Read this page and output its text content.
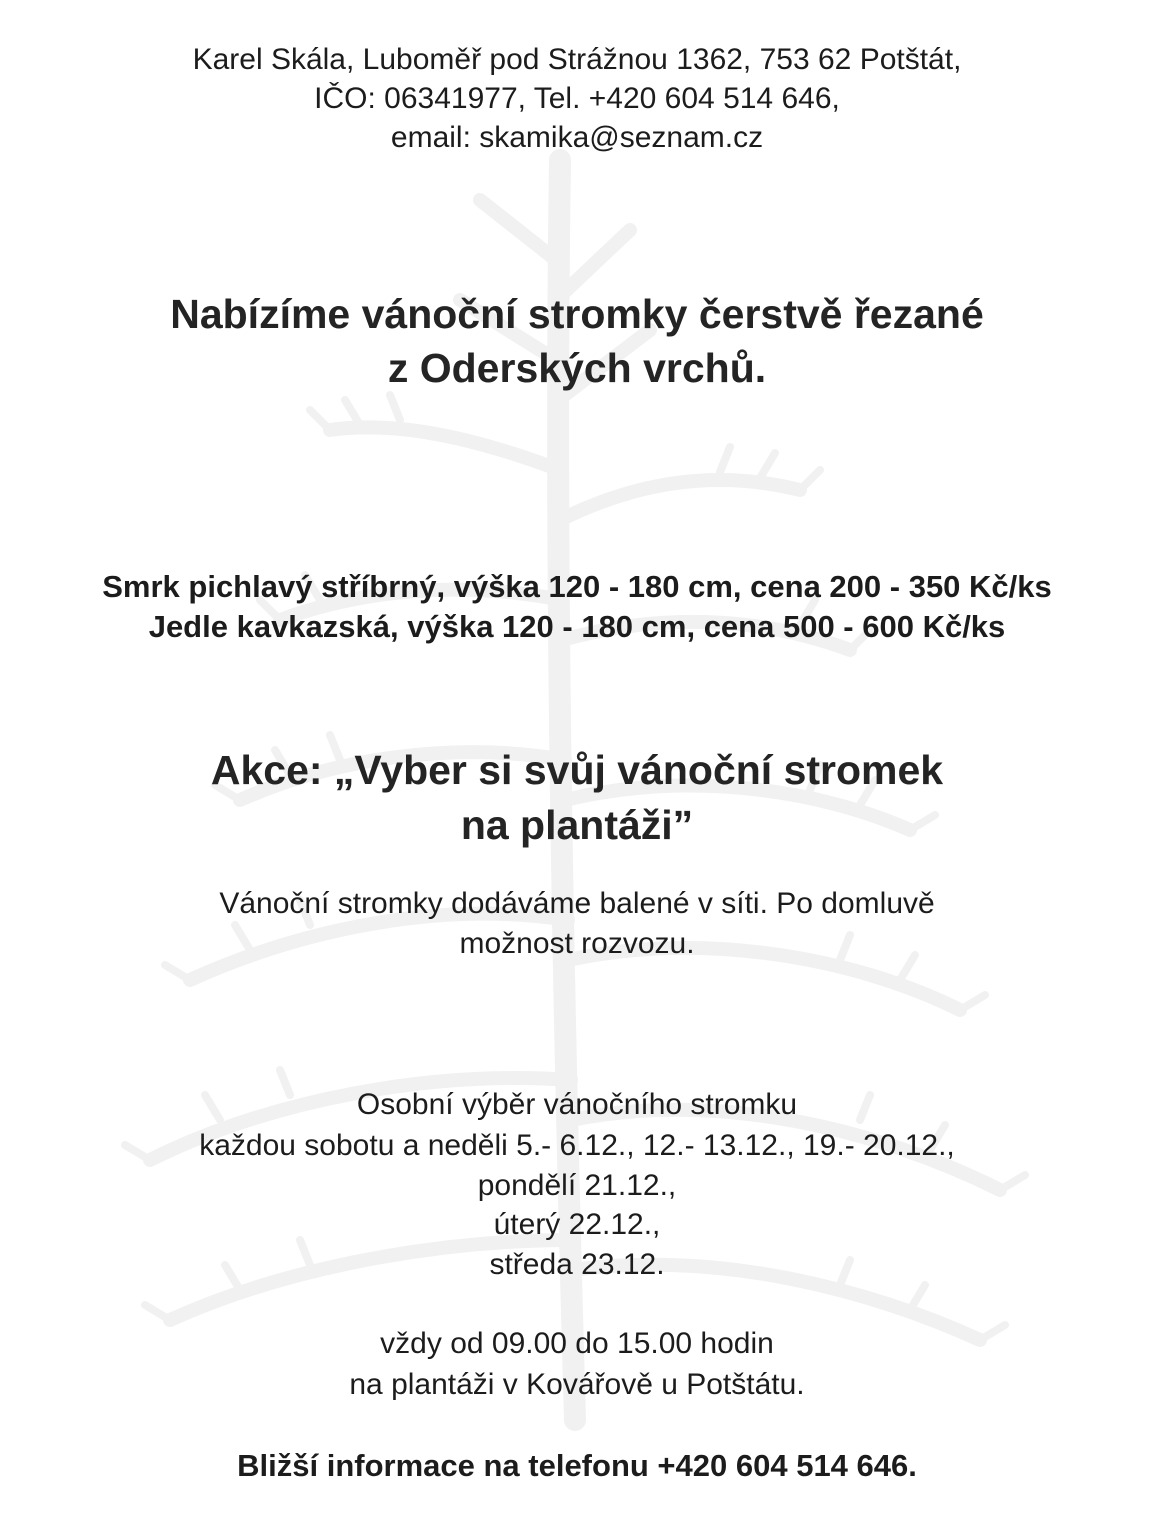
Karel Skála, Luboměř pod Strážnou 1362, 753 62 Potštát,
IČO: 06341977, Tel. +420 604 514 646,
email: skamika@seznam.cz
Nabízíme vánoční stromky čerstvě řezané
z Oderských vrchů.
Smrk pichlavý stříbrný, výška 120 - 180 cm, cena 200 - 350 Kč/ks
Jedle kavkazská, výška 120 - 180 cm, cena 500 - 600 Kč/ks
Akce: „Vyber si svůj vánoční stromek
na plantáži”
Vánoční stromky dodáváme balené v síti. Po domluvě
možnost rozvozu.
Osobní výběr vánočního stromku
každou sobotu a neděli 5.- 6.12., 12.- 13.12., 19.- 20.12.,
pondělí 21.12.,
úterý 22.12.,
středa 23.12.
vždy od 09.00 do 15.00 hodin
na plantáži v Kovářově u Potštátu.
Bližší informace na telefonu +420 604 514 646.
